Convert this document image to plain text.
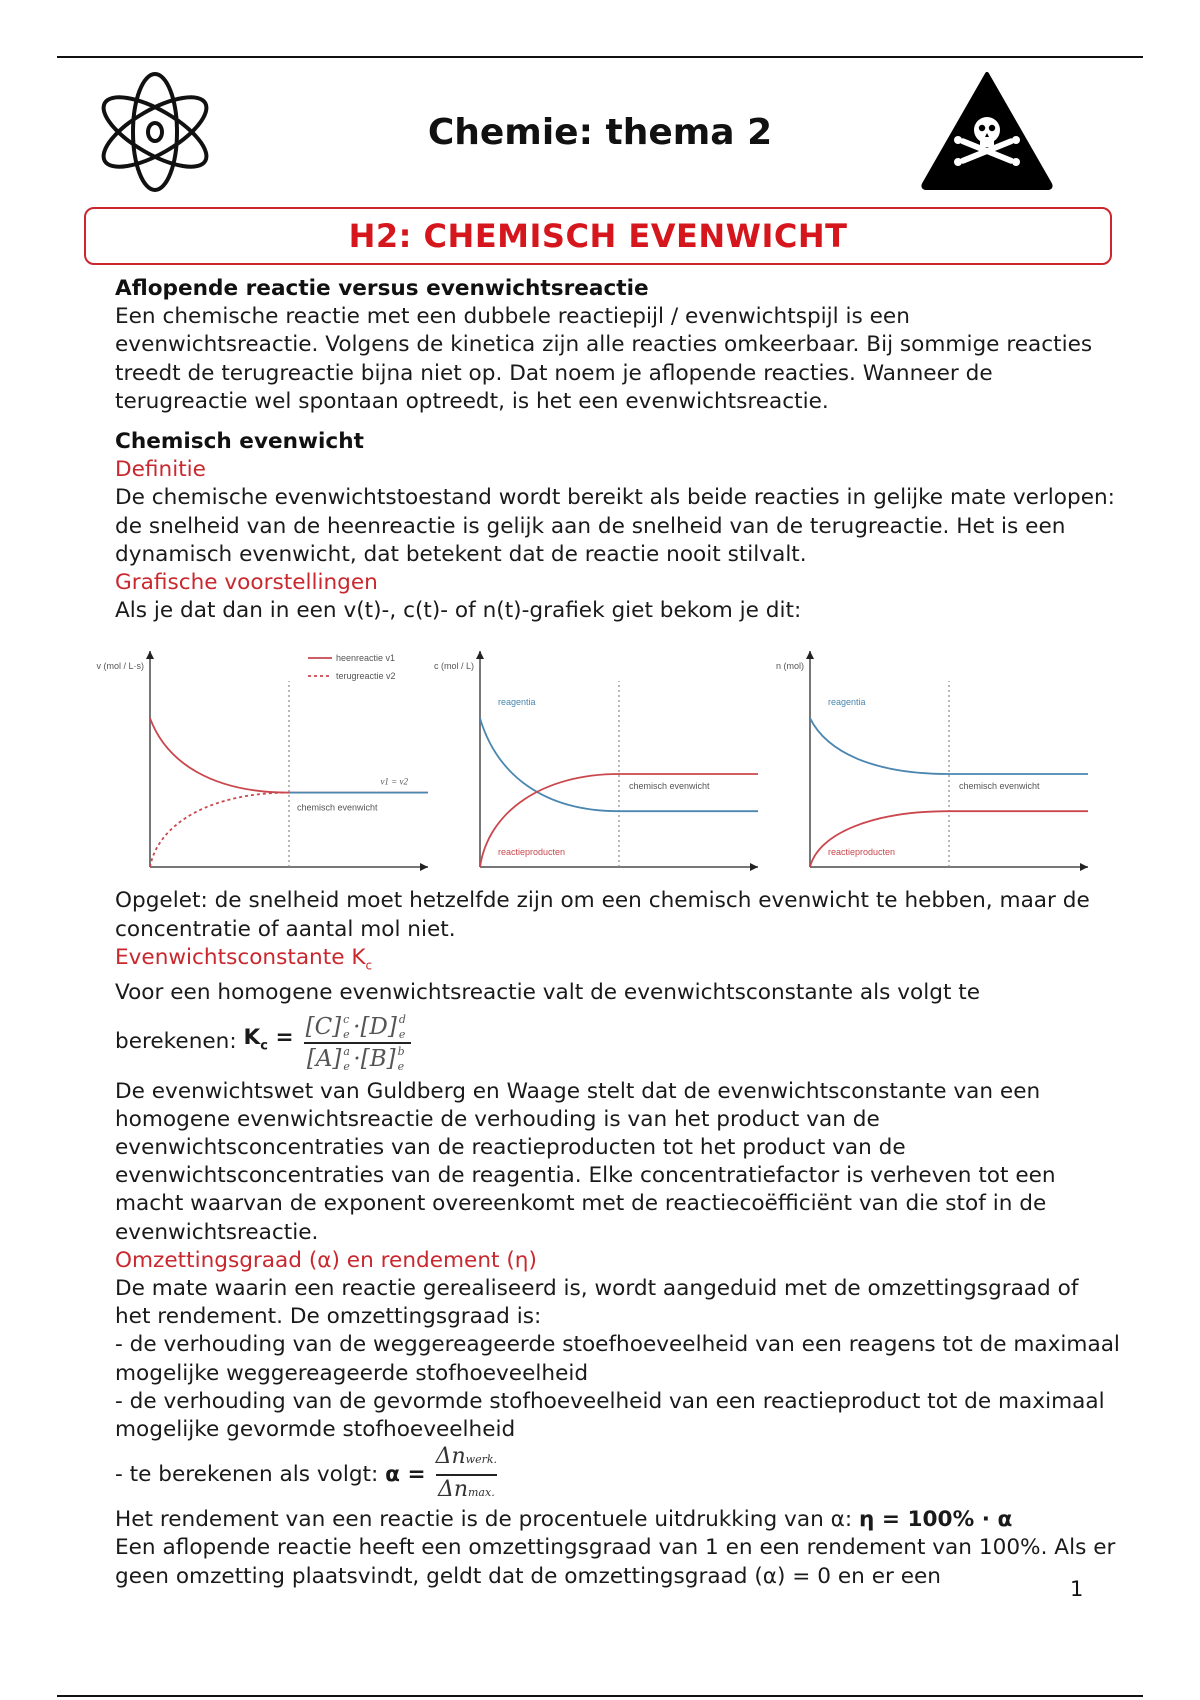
Chemie: thema 2
H2: CHEMISCH EVENWICHT

Aflopende reactie versus evenwichtsreactie

Een chemische reactie met een dubbele reactiepijl / evenwichtspijl is een evenwichtsreactie. Volgens de kinetica zijn alle reacties omkeerbaar. Bij sommige reacties treedt de terugreactie bijna niet op. Dat noem je aflopende reacties. Wanneer de terugreactie wel spontaan optreedt, is het een evenwichtsreactie.

Chemisch evenwicht

Definitie

De chemische evenwichtstoestand wordt bereikt als beide reacties in gelijke mate verlopen: de snelheid van de heenreactie is gelijk aan de snelheid van de terugreactie. Het is een dynamisch evenwicht, dat betekent dat de reactie nooit stilvalt.

Grafische voorstellingen

Als je dat dan in een v(t)-, c(t)- of n(t)-grafiek giet bekom je dit:

v (mol / L·s)
heenreactie v1
terugreactie v2
v1 = v2
chemisch evenwicht
c (mol / L)
reagentia
reactieproducten
chemisch evenwicht
n (mol)
reagentia
reactieproducten
chemisch evenwicht

Opgelet: de snelheid moet hetzelfde zijn om een chemisch evenwicht te hebben, maar de concentratie of aantal mol niet.

Evenwichtsconstante $K_c$

Voor een homogene evenwichtsreactie valt de evenwichtsconstante als volgt te

berekenen:
$K_c = [C]$ c
e ·[D] d
e
[A] a
e ·[B] b
e

De evenwichtswet van Guldberg en Waage stelt dat de evenwichtsconstante van een homogene evenwichtsreactie de verhouding is van het product van de evenwichtsconcentraties van de reactieproducten tot het product van de evenwichtsconcentraties van de reagentia. Elke concentratiefactor is verheven tot een macht waarvan de exponent overeenkomt met de reactiecoëfficiënt van die stof in de evenwichtsreactie.

Omzettingsgraad (α) en rendement (η)

De mate waarin een reactie gerealiseerd is, wordt aangeduid met de omzettingsgraad of het rendement. De omzettingsgraad is:

- de verhouding van de weggereageerde stoefhoeveelheid van een reagens tot de maximaal mogelijke weggereageerde stofhoeveelheid

- de verhouding van de gevormde stofhoeveelheid van een reactieproduct tot de maximaal mogelijke gevormde stofhoeveelheid

- te berekenen als volgt:
$\alpha = \frac{\text{Δnwerk.}}{\Delta nmax.}$

Het rendement van een reactie is de procentuele uitdrukking van α: η = 100% · α

Een aflopende reactie heeft een omzettingsgraad van 1 en een rendement van 100%. Als er geen omzetting plaatsvindt, geldt dat de omzettingsgraad (α) = 0 en er een

1
